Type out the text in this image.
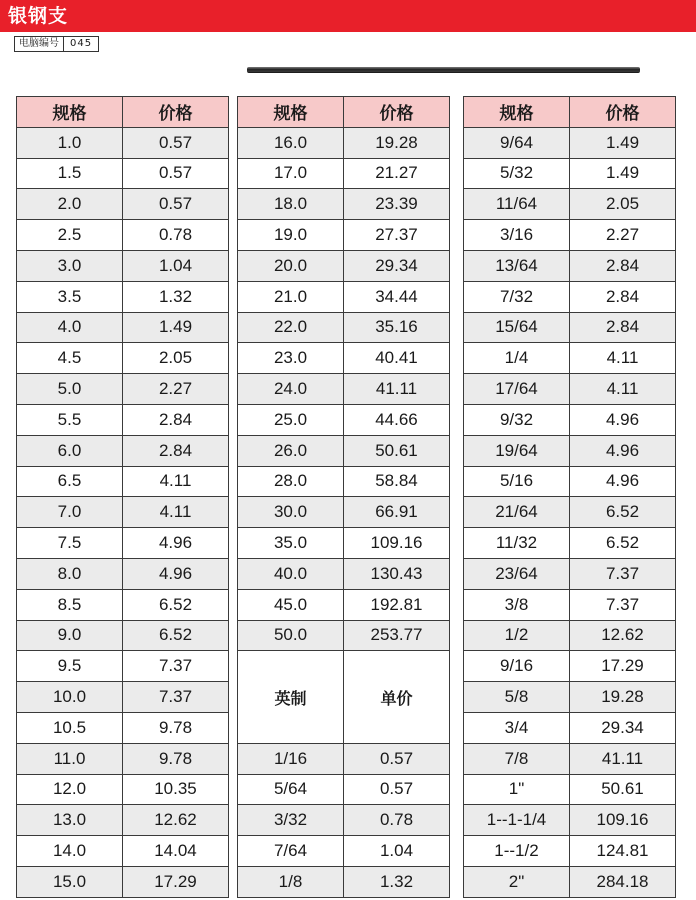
银钢支
电脑编号	045
规格	价格
1.0	0.57
1.5	0.57
2.0	0.57
2.5	0.78
3.0	1.04
3.5	1.32
4.0	1.49
4.5	2.05
5.0	2.27
5.5	2.84
6.0	2.84
6.5	4.11
7.0	4.11
7.5	4.96
8.0	4.96
8.5	6.52
9.0	6.52
9.5	7.37
10.0	7.37
10.5	9.78
11.0	9.78
12.0	10.35
13.0	12.62
14.0	14.04
15.0	17.29
规格	价格
16.0	19.28
17.0	21.27
18.0	23.39
19.0	27.37
20.0	29.34
21.0	34.44
22.0	35.16
23.0	40.41
24.0	41.11
25.0	44.66
26.0	50.61
28.0	58.84
30.0	66.91
35.0	109.16
40.0	130.43
45.0	192.81
50.0	253.77
英制	单价

1/16	0.57
5/64	0.57
3/32	0.78
7/64	1.04
1/8	1.32
规格	价格
9/64	1.49
5/32	1.49
11/64	2.05
3/16	2.27
13/64	2.84
7/32	2.84
15/64	2.84
1/4	4.11
17/64	4.11
9/32	4.96
19/64	4.96
5/16	4.96
21/64	6.52
11/32	6.52
23/64	7.37
3/8	7.37
1/2	12.62
9/16	17.29
5/8	19.28
3/4	29.34
7/8	41.11
1"	50.61
1--1-1/4	109.16
1--1/2	124.81
2"	284.18
